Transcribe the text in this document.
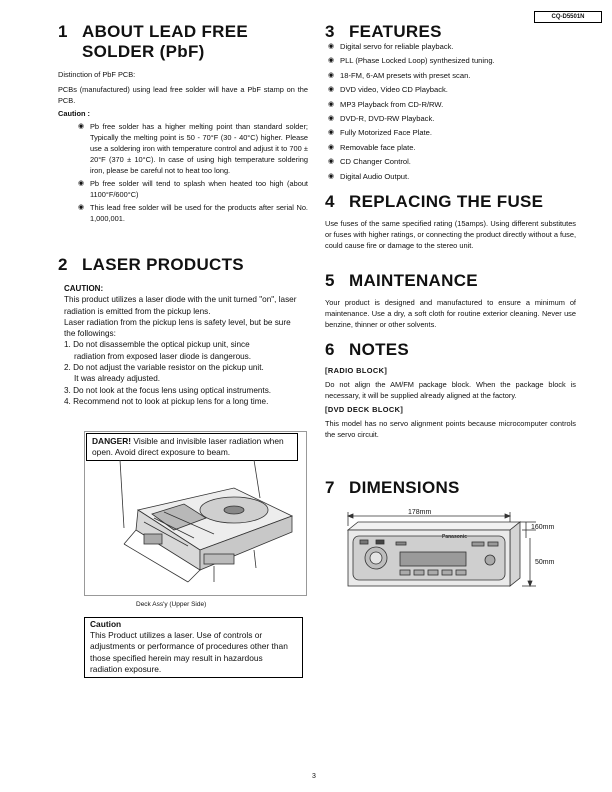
CQ-D5501N
1 ABOUT LEAD FREE
SOLDER (PbF)

Distinction of PbF PCB:

PCBs (manufactured) using lead free solder will have a PbF stamp on the PCB.

Caution :

◉ Pb free solder has a higher melting point than standard solder; Typically the melting point is 50 - 70°F (30 - 40°C) higher. Please use a soldering iron with temperature control and adjust it to 700 ± 20°F (370 ± 10°C). In case of using high temperature soldering iron, please be careful not to heat too long.
◉ Pb free solder will tend to splash when heated too high (about 1100°F/600°C)
◉ This lead free solder will be used for the products after serial No. 1,000,001.
2 LASER PRODUCTS

CAUTION:

This product utilizes a laser diode with the unit turned "on", laser radiation is emitted from the pickup lens.

Laser radiation from the pickup lens is safety level, but be sure the followings:

1. Do not disassemble the optical pickup unit, since

radiation from exposed laser diode is dangerous.

2. Do not adjust the variable resistor on the pickup unit.

It was already adjusted.

3. Do not look at the focus lens using optical instruments.

4. Recommend not to look at pickup lens for a long time.

DANGER! Visible and invisible laser radiation when open. Avoid direct exposure to beam.
Deck Ass'y (Upper Side)
Caution
This Product utilizes a laser. Use of controls or adjustments or performance of procedures other than those specified herein may result in hazardous radiation exposure.
3 FEATURES
◉ Digital servo for reliable playback.
◉ PLL (Phase Locked Loop) synthesized tuning.
◉ 18-FM, 6-AM presets with preset scan.
◉ DVD video, Video CD Playback.
◉ MP3 Playback from CD-R/RW.
◉ DVD-R, DVD-RW Playback.
◉ Fully Motorized Face Plate.
◉ Removable face plate.
◉ CD Changer Control.
◉ Digital Audio Output.
4 REPLACING THE FUSE
Use fuses of the same specified rating (15amps). Using different substitutes or fuses with higher ratings, or connecting the product directly without a fuse, could cause fire or damage to the stereo unit.
5 MAINTENANCE
Your product is designed and manufactured to ensure a minimum of maintenance. Use a dry, a soft cloth for routine exterior cleaning. Never use benzine, thinner or other solvents.
6 NOTES

[RADIO BLOCK]

Do not align the AM/FM package block. When the package block is necessary, it will be supplied already aligned at the factory.

[DVD DECK BLOCK]

This model has no servo alignment points because microcomputer controls the servo circuit.

7 DIMENSIONS
Panasonic
178mm
160mm
50mm
3
